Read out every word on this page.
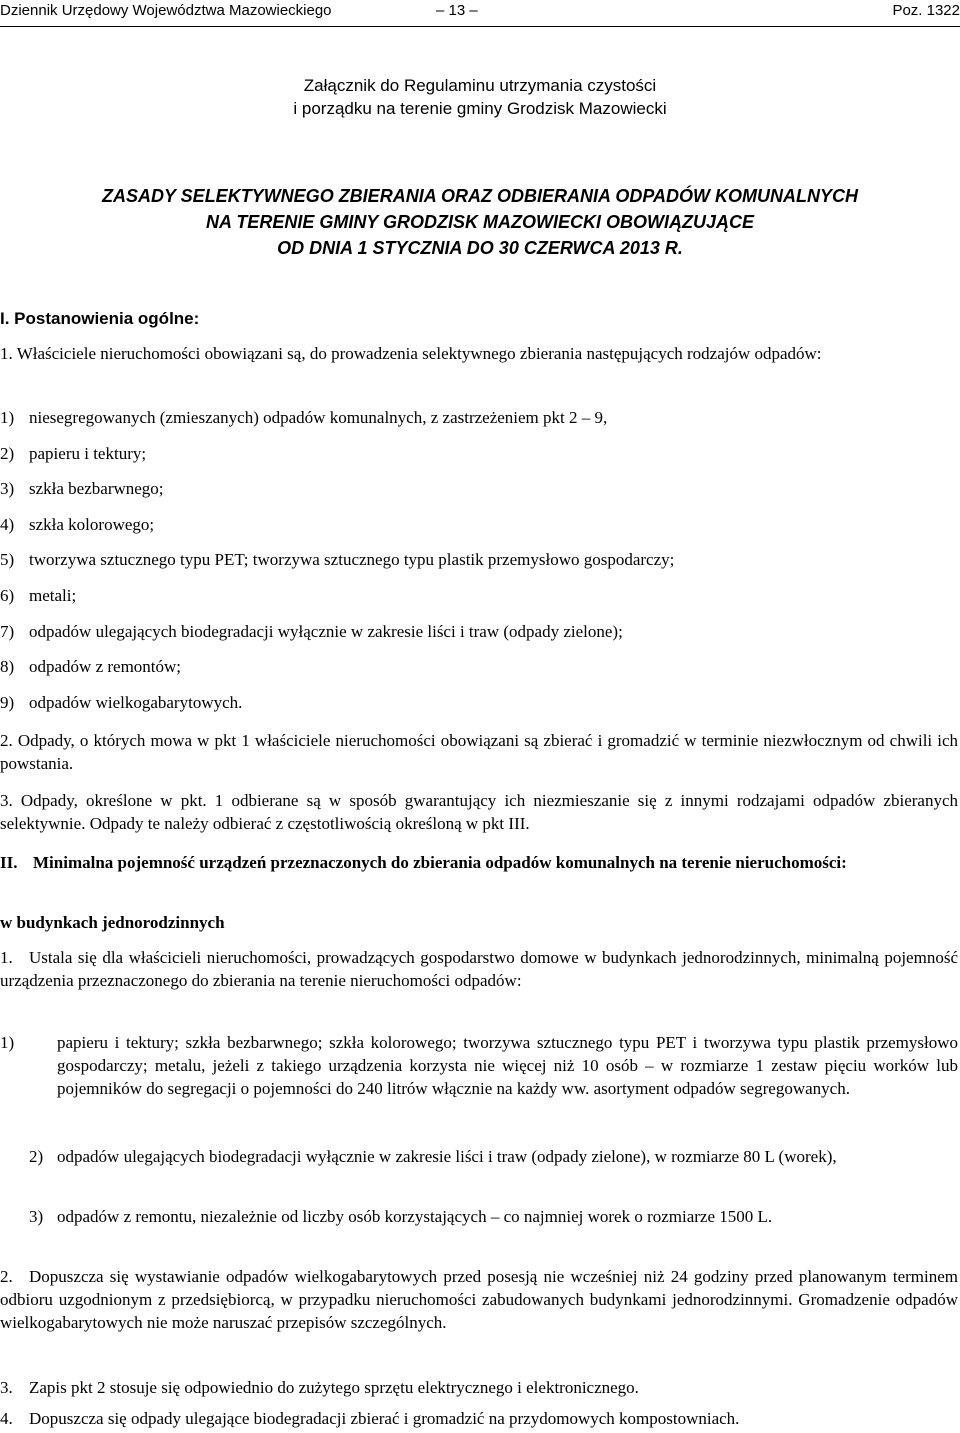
Dziennik Urzędowy Województwa Mazowieckiego	– 13 –	Poz. 1322
Załącznik do Regulaminu utrzymania czystości
i porządku na terenie gminy Grodzisk Mazowiecki
ZASADY SELEKTYWNEGO ZBIERANIA ORAZ ODBIERANIA ODPADÓW KOMUNALNYCH
NA TERENIE GMINY GRODZISK MAZOWIECKI OBOWIĄZUJĄCE
OD DNIA 1 STYCZNIA DO 30 CZERWCA 2013 R.
I. Postanowienia ogólne:

1. Właściciele nieruchomości obowiązani są, do prowadzenia selektywnego zbierania następujących rodzajów odpadów:

1) niesegregowanych (zmieszanych) odpadów komunalnych, z zastrzeżeniem pkt 2 – 9,
2) papieru i tektury;
3) szkła bezbarwnego;
4) szkła kolorowego;
5) tworzywa sztucznego typu PET; tworzywa sztucznego typu plastik przemysłowo gospodarczy;
6) metali;
7) odpadów ulegających biodegradacji wyłącznie w zakresie liści i traw (odpady zielone);
8) odpadów z remontów;
9) odpadów wielkogabarytowych.

2. Odpady, o których mowa w pkt 1 właściciele nieruchomości obowiązani są zbierać i gromadzić w terminie niezwłocznym od chwili ich powstania.

3. Odpady, określone w pkt. 1 odbierane są w sposób gwarantujący ich niezmieszanie się z innymi rodzajami odpadów zbieranych selektywnie. Odpady te należy odbierać z częstotliwością określoną w pkt III.

II. Minimalna pojemność urządzeń przeznaczonych do zbierania odpadów komunalnych na terenie nieruchomości:

w budynkach jednorodzinnych
1. Ustala się dla właścicieli nieruchomości, prowadzących gospodarstwo domowe w budynkach jednorodzinnych, minimalną pojemność urządzenia przeznaczonego do zbierania na terenie nieruchomości odpadów:

1)	papieru i tektury; szkła bezbarwnego; szkła kolorowego; tworzywa sztucznego typu PET i tworzywa typu plastik przemysłowo gospodarczy; metalu, jeżeli z takiego urządzenia korzysta nie więcej niż 10 osób – w rozmiarze 1 zestaw pięciu worków lub pojemników do segregacji o pojemności do 240 litrów włącznie na każdy ww. asortyment odpadów segregowanych.

2) odpadów ulegających biodegradacji wyłącznie w zakresie liści i traw (odpady zielone), w rozmiarze 80 L (worek),

3) odpadów z remontu, niezależnie od liczby osób korzystających – co najmniej worek o rozmiarze 1500 L.

2. Dopuszcza się wystawianie odpadów wielkogabarytowych przed posesją nie wcześniej niż 24 godziny przed planowanym terminem odbioru uzgodnionym z przedsiębiorcą, w przypadku nieruchomości zabudowanych budynkami jednorodzinnymi. Gromadzenie odpadów wielkogabarytowych nie może naruszać przepisów szczególnych.

3. Zapis pkt 2 stosuje się odpowiednio do zużytego sprzętu elektrycznego i elektronicznego.
4. Dopuszcza się odpady ulegające biodegradacji zbierać i gromadzić na przydomowych kompostowniach.
